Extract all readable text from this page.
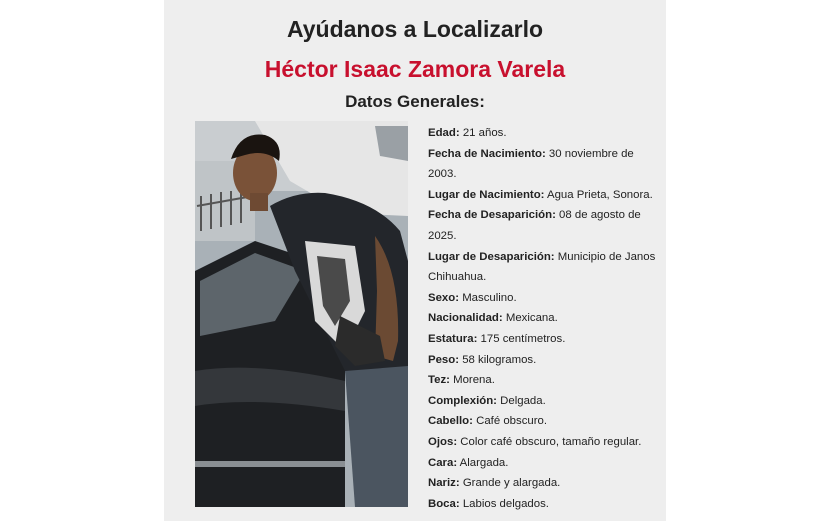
Ayúdanos a Localizarlo
Héctor Isaac Zamora Varela
Datos Generales:
Edad: 21 años.
Fecha de Nacimiento: 30 noviembre de 2003.
Lugar de Nacimiento: Agua Prieta, Sonora.
Fecha de Desaparición: 08 de agosto de 2025.
Lugar de Desaparición: Municipio de Janos Chihuahua.
Sexo: Masculino.
Nacionalidad: Mexicana.
Estatura: 175 centímetros.
Peso: 58 kilogramos.
Tez: Morena.
Complexión: Delgada.
Cabello: Café obscuro.
Ojos: Color café obscuro, tamaño regular.
Cara: Alargada.
Nariz: Grande y alargada.
Boca: Labios delgados.
